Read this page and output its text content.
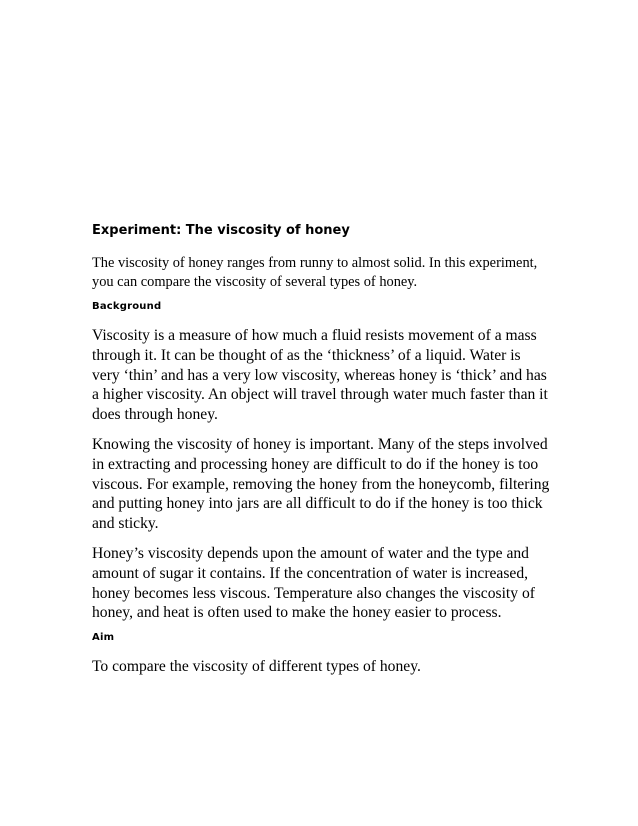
Experiment: The viscosity of honey

The viscosity of honey ranges from runny to almost solid. In this experiment, you can compare the viscosity of several types of honey.

Background

Viscosity is a measure of how much a fluid resists movement of a mass through it. It can be thought of as the ‘thickness’ of a liquid. Water is very ‘thin’ and has a very low viscosity, whereas honey is ‘thick’ and has a higher viscosity. An object will travel through water much faster than it does through honey.

Knowing the viscosity of honey is important. Many of the steps involved in extracting and processing honey are difficult to do if the honey is too viscous. For example, removing the honey from the honeycomb, filtering and putting honey into jars are all difficult to do if the honey is too thick and sticky.

Honey’s viscosity depends upon the amount of water and the type and amount of sugar it contains. If the concentration of water is increased, honey becomes less viscous. Temperature also changes the viscosity of honey, and heat is often used to make the honey easier to process.

Aim

To compare the viscosity of different types of honey.
